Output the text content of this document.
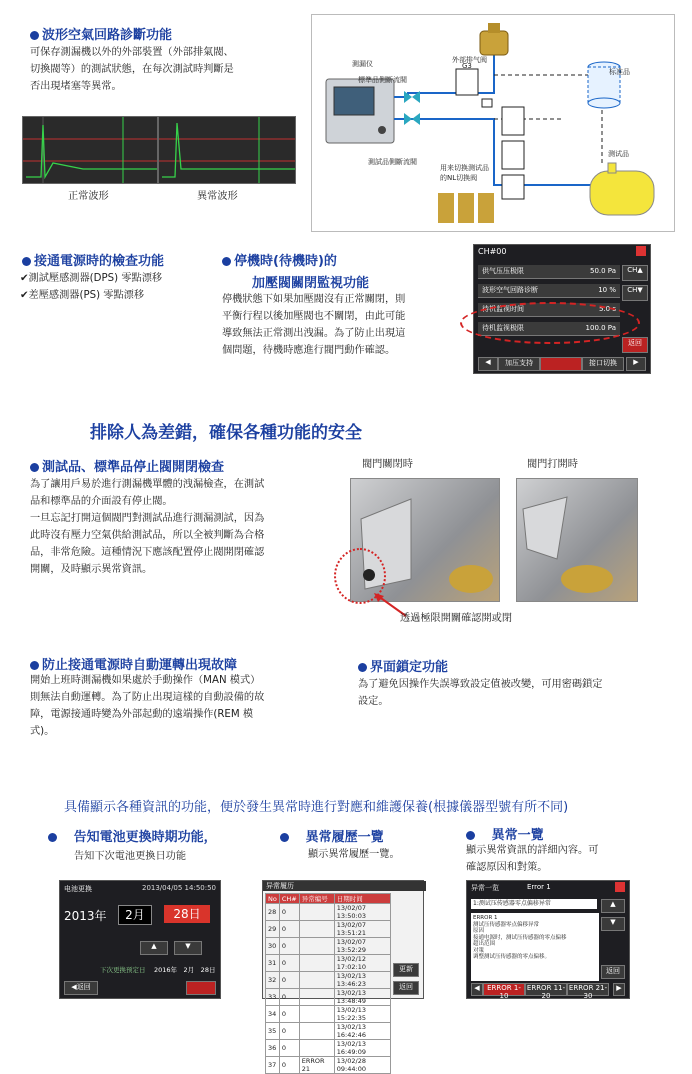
波形空氣回路診斷功能
可保存測漏機以外的外部裝置（外部排氣閥、
切換閥等）的測試狀態，在每次測試時判斷是
否出現堵塞等異常。
正常波形	異常波形
測漏仪
標準品側斷流閥
測試品側斷流閥
外部排气阀
G3
标准品
测试品
用来切换测试品
的NL切换阀
接通電源時的檢查功能
✔測試壓感測器(DPS) 零點漂移
✔差壓感測器(PS) 零點漂移
停機時(待機時)的
加壓閥關閉監視功能
停機狀態下如果加壓閥沒有正常關閉，則
平衡行程以後加壓閥也不關閉，由此可能
導致無法正常測出洩漏。為了防止出現這
個問題，待機時應進行閥門動作確認。
CH#00
供气压压极限	50.0 Pa
波形空气回路诊断	10 %
待机监视时间	5.0 s
待机监视极限	100.0 Pa
CH▲
CH▼
返回
◀	加压支持	接口切换	▶
排除人為差錯，確保各種功能的安全
測試品、標準品停止閥開閉檢查
為了讓用戶易於進行測漏機單體的洩漏檢查，在測試
品和標準品的介面設有停止閥。
一旦忘記打開這個閥門對測試品進行測漏測試，因為
此時沒有壓力空氣供給測試品，所以全被判斷為合格
品，非常危險。這種情況下應該配置停止閥開閉確認
開關，及時顯示異常資訊。
閥門關閉時	閥門打開時
透過極限開關確認開或閉
防止接通電源時自動運轉出現故障
開始上班時測漏機如果處於手動操作（MAN 模式）
則無法自動運轉。為了防止出現這樣的自動設備的故
障，電源接通時變為外部起動的遠端操作(REM 模
式)。
界面鎖定功能
為了避免因操作失誤導致設定值被改變，可用密碼鎖定
設定。
具備顯示各種資訊的功能，便於發生異常時進行對應和維護保養(根據儀器型號有所不同)
告知電池更換時期功能，
告知下次電池更換日功能
異常履歷一覽
顯示異常履歷一覽。
異常一覽
顯示異常資訊的詳細內容。可
確認原因和對策。
电池更换	2013/04/05 14:50:50
2013年	2月	28日
▲	▼
下次更换预定日 2016年　2月　28日
◀返回
异常履历
No	CH#	异常编号	日期时间
28	0		13/02/07 13:50:03
29	0		13/02/07 13:51:21
30	0		13/02/07 13:52:29
31	0		13/02/12 17:02:10
32	0		13/02/13 13:46:23
33	0		13/02/13 13:48:49
34	0		13/02/13 15:22:35
35	0		13/02/13 16:42:46
36	0		13/02/13 16:49:09
37	0	ERROR 21	13/02/28 09:44:00
更新
返回
异常一览	Error 1
1:测试压传感器零点偏移异常
ERROR 1
测试压传感器零点偏移异常
原因
接通电源时，测试压传感器的零点偏移
超出范围
对策
调整测试压传感器的零点偏移。
▲
▼
返回
◀	ERROR 1-10
ERROR 11-20
ERROR 21-30
▶
